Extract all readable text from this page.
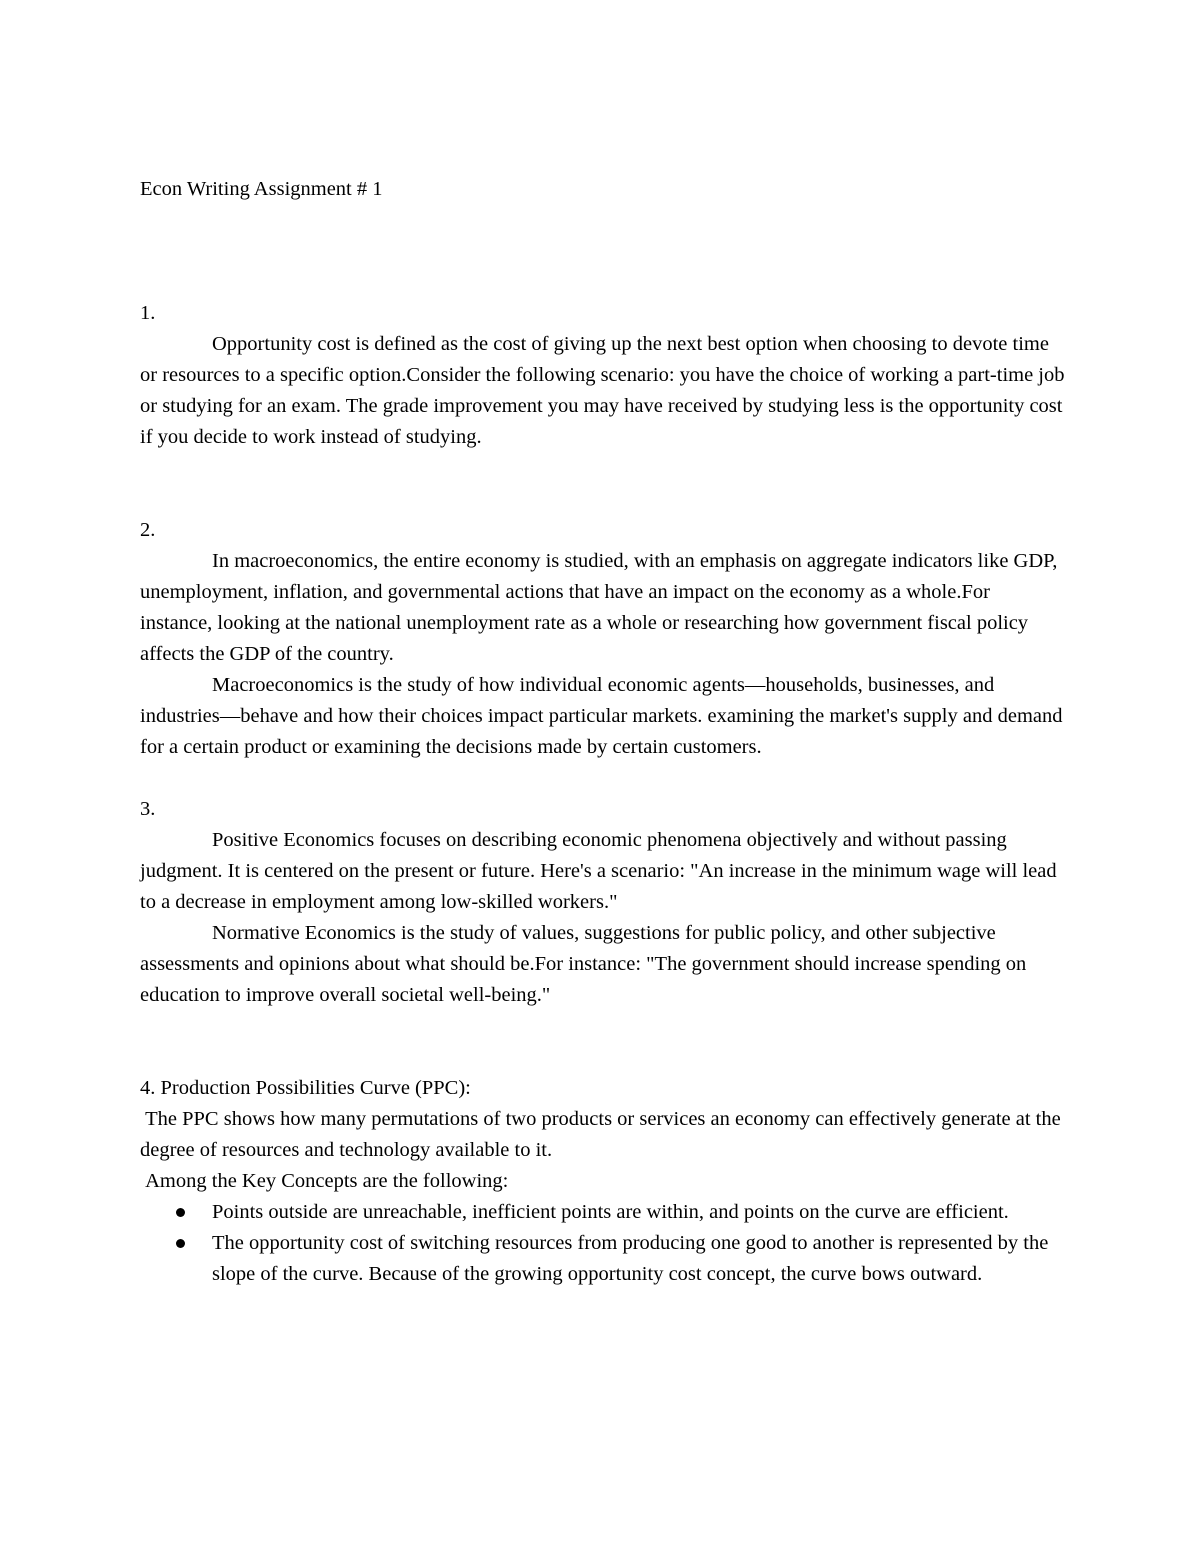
Econ Writing Assignment # 1

1.

Opportunity cost is defined as the cost of giving up the next best option when choosing to devote time or resources to a specific option.Consider the following scenario: you have the choice of working a part-time job or studying for an exam. The grade improvement you may have received by studying less is the opportunity cost if you decide to work instead of studying.

2.

In macroeconomics, the entire economy is studied, with an emphasis on aggregate indicators like GDP, unemployment, inflation, and governmental actions that have an impact on the economy as a whole.For instance, looking at the national unemployment rate as a whole or researching how government fiscal policy affects the GDP of the country.

Macroeconomics is the study of how individual economic agents—households, businesses, and industries—behave and how their choices impact particular markets. examining the market's supply and demand for a certain product or examining the decisions made by certain customers.

3.

Positive Economics focuses on describing economic phenomena objectively and without passing judgment. It is centered on the present or future. Here's a scenario: "An increase in the minimum wage will lead to a decrease in employment among low-skilled workers."

Normative Economics is the study of values, suggestions for public policy, and other subjective assessments and opinions about what should be.For instance: "The government should increase spending on education to improve overall societal well-being."

4. Production Possibilities Curve (PPC):

The PPC shows how many permutations of two products or services an economy can effectively generate at the degree of resources and technology available to it.

Among the Key Concepts are the following:

Points outside are unreachable, inefficient points are within, and points on the curve are efficient.
The opportunity cost of switching resources from producing one good to another is represented by the slope of the curve. Because of the growing opportunity cost concept, the curve bows outward.
